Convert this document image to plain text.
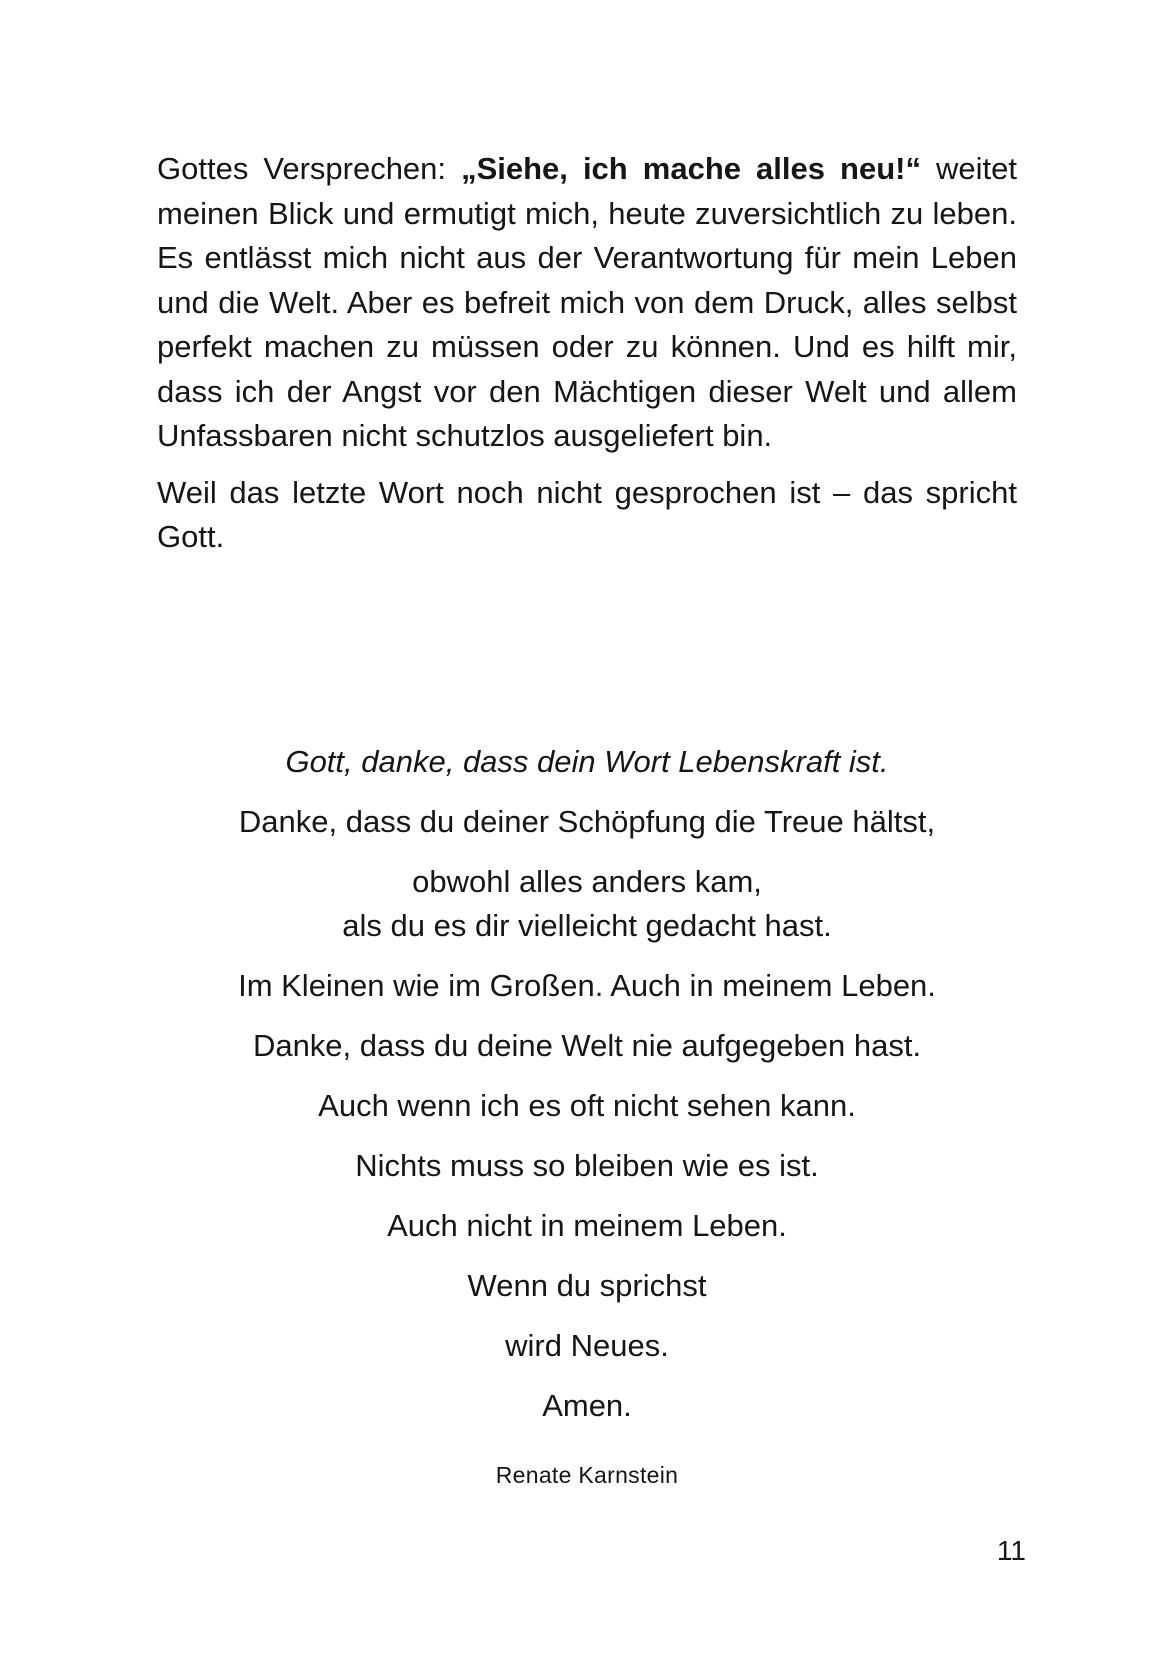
Gottes Versprechen: „Siehe, ich mache alles neu!“ weitet meinen Blick und ermutigt mich, heute zuversichtlich zu leben. Es entlässt mich nicht aus der Verantwortung für mein Leben und die Welt. Aber es befreit mich von dem Druck, alles selbst perfekt machen zu müssen oder zu können. Und es hilft mir, dass ich der Angst vor den Mächtigen dieser Welt und allem Unfassbaren nicht schutzlos ausgeliefert bin.

Weil das letzte Wort noch nicht gesprochen ist – das spricht Gott.

Gott, danke, dass dein Wort Lebenskraft ist.
Danke, dass du deiner Schöpfung die Treue hältst,
obwohl alles anders kam,
als du es dir vielleicht gedacht hast.
Im Kleinen wie im Großen. Auch in meinem Leben.
Danke, dass du deine Welt nie aufgegeben hast.
Auch wenn ich es oft nicht sehen kann.
Nichts muss so bleiben wie es ist.
Auch nicht in meinem Leben.
Wenn du sprichst
wird Neues.
Amen.
Renate Karnstein
11
